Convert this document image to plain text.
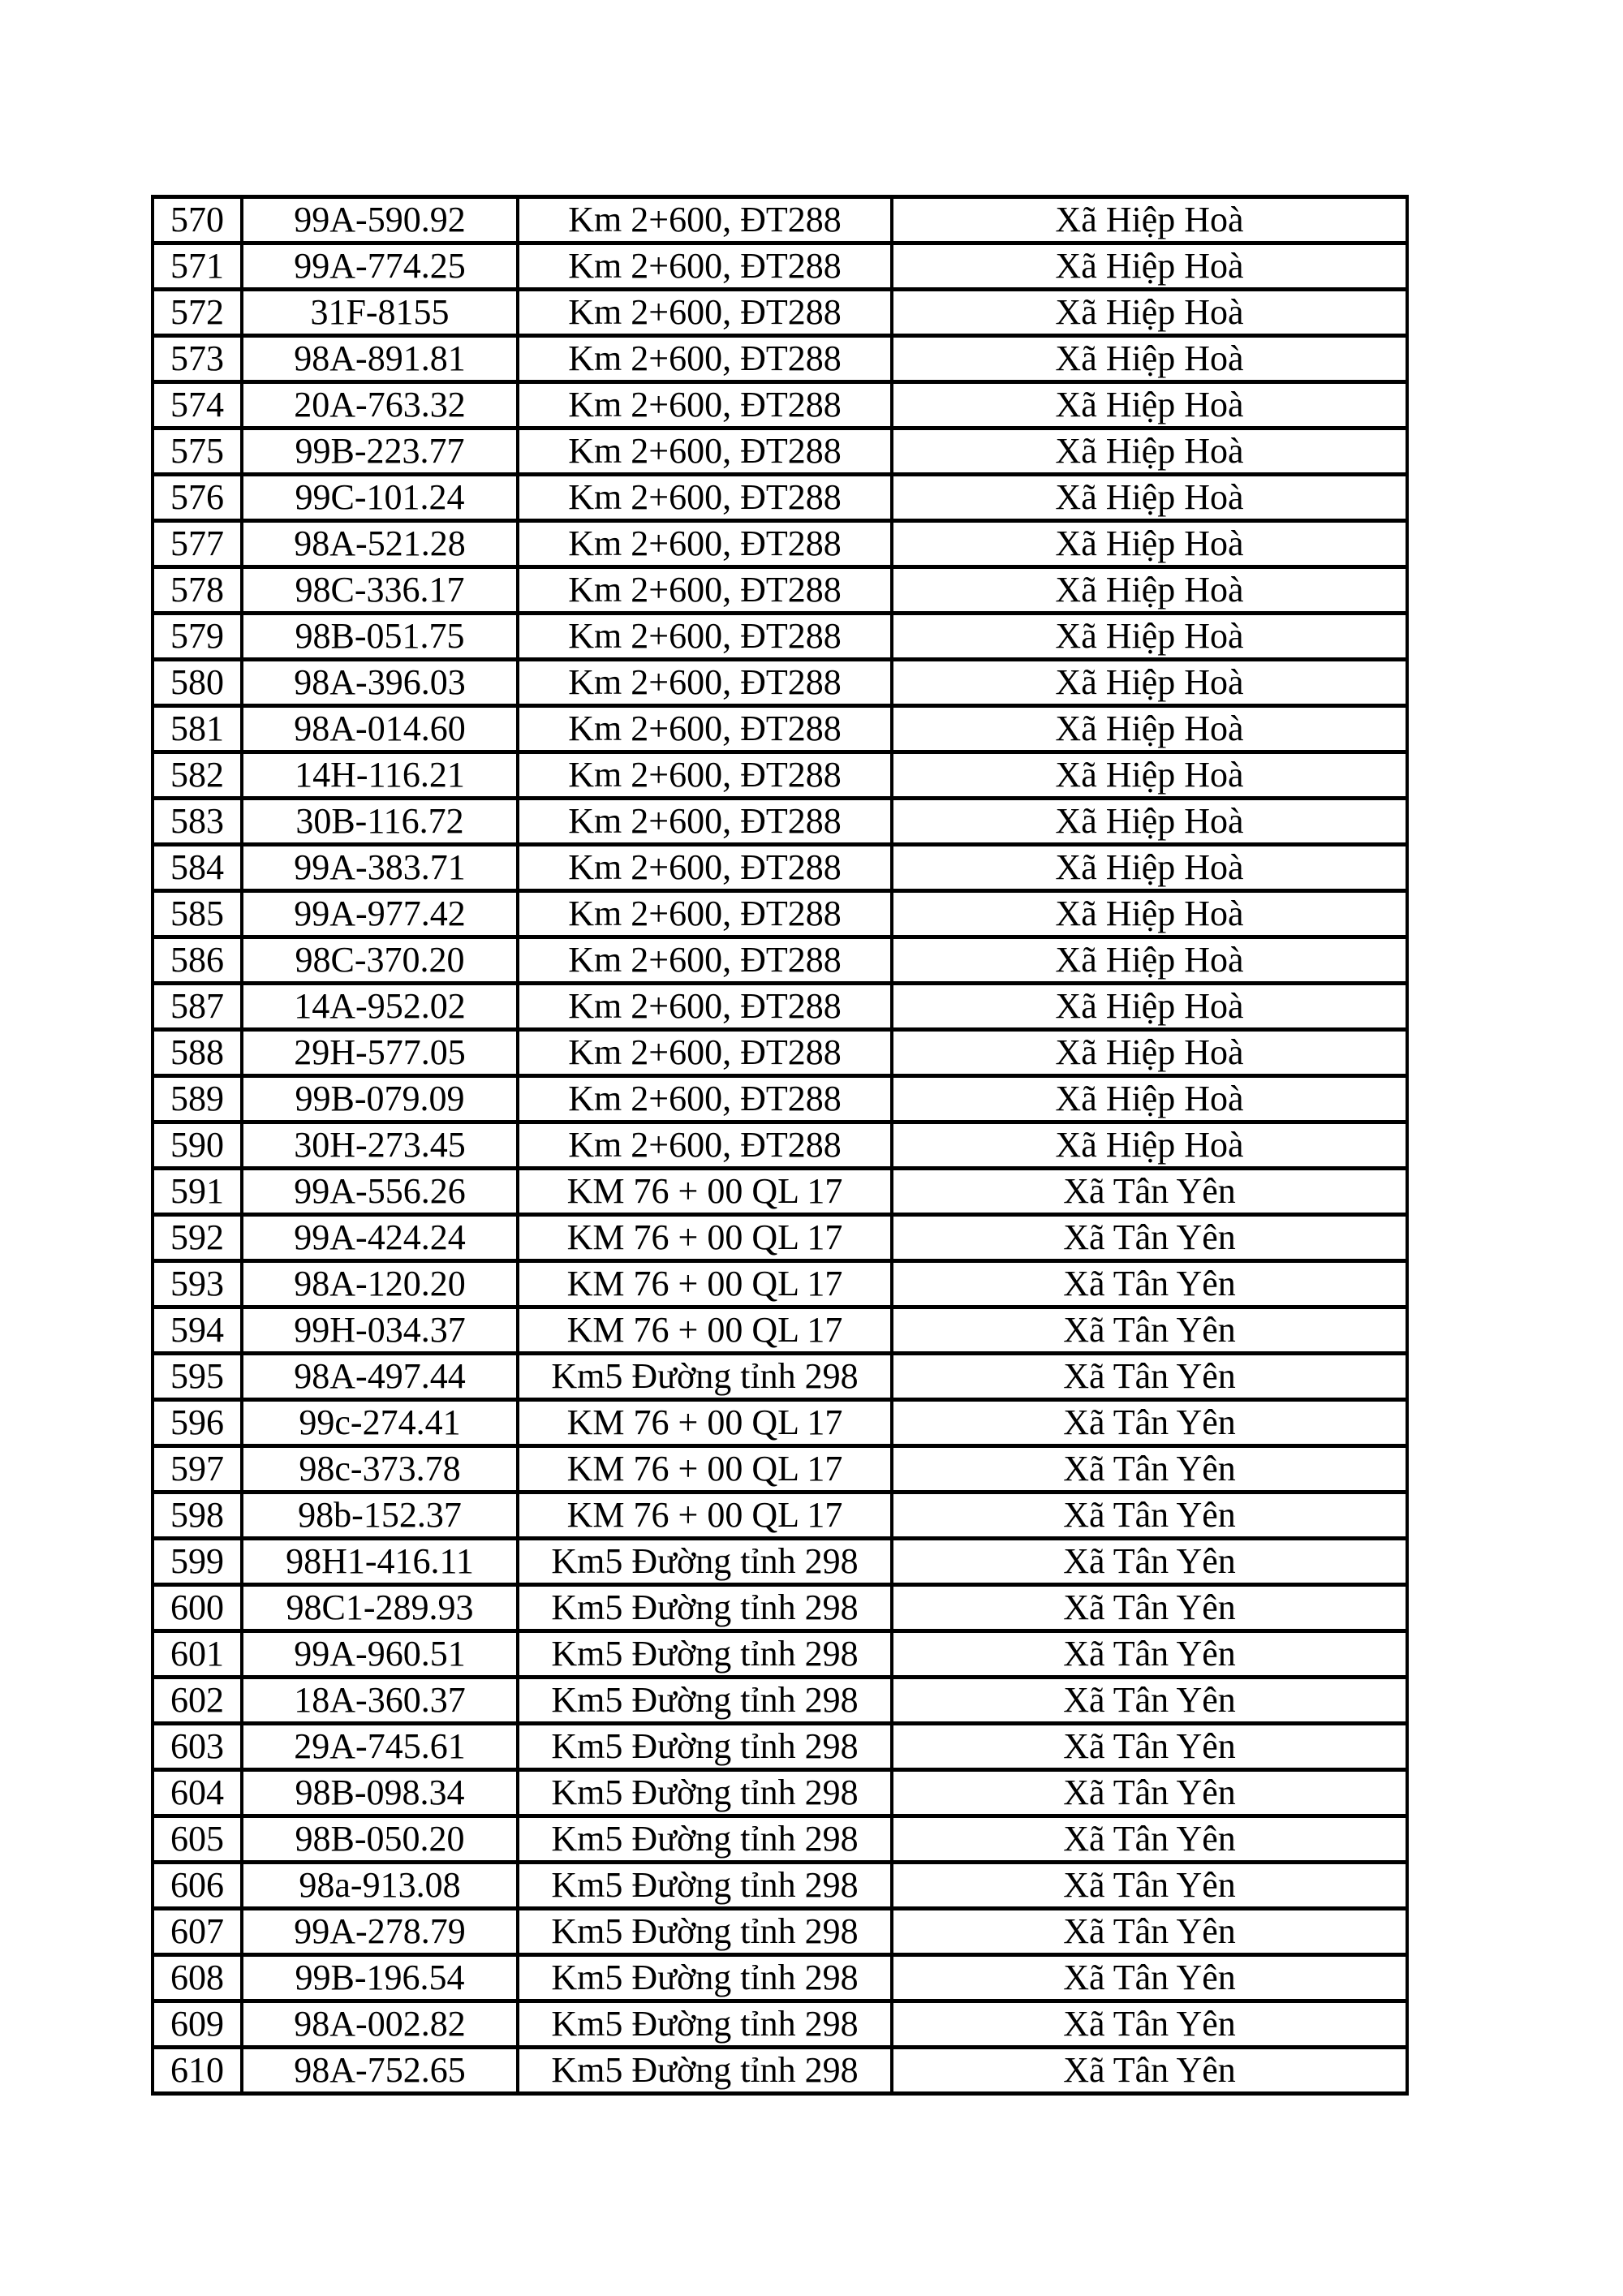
570	99A-590.92	Km 2+600, ĐT288	Xã Hiệp Hoà
571	99A-774.25	Km 2+600, ĐT288	Xã Hiệp Hoà
572	31F-8155	Km 2+600, ĐT288	Xã Hiệp Hoà
573	98A-891.81	Km 2+600, ĐT288	Xã Hiệp Hoà
574	20A-763.32	Km 2+600, ĐT288	Xã Hiệp Hoà
575	99B-223.77	Km 2+600, ĐT288	Xã Hiệp Hoà
576	99C-101.24	Km 2+600, ĐT288	Xã Hiệp Hoà
577	98A-521.28	Km 2+600, ĐT288	Xã Hiệp Hoà
578	98C-336.17	Km 2+600, ĐT288	Xã Hiệp Hoà
579	98B-051.75	Km 2+600, ĐT288	Xã Hiệp Hoà
580	98A-396.03	Km 2+600, ĐT288	Xã Hiệp Hoà
581	98A-014.60	Km 2+600, ĐT288	Xã Hiệp Hoà
582	14H-116.21	Km 2+600, ĐT288	Xã Hiệp Hoà
583	30B-116.72	Km 2+600, ĐT288	Xã Hiệp Hoà
584	99A-383.71	Km 2+600, ĐT288	Xã Hiệp Hoà
585	99A-977.42	Km 2+600, ĐT288	Xã Hiệp Hoà
586	98C-370.20	Km 2+600, ĐT288	Xã Hiệp Hoà
587	14A-952.02	Km 2+600, ĐT288	Xã Hiệp Hoà
588	29H-577.05	Km 2+600, ĐT288	Xã Hiệp Hoà
589	99B-079.09	Km 2+600, ĐT288	Xã Hiệp Hoà
590	30H-273.45	Km 2+600, ĐT288	Xã Hiệp Hoà
591	99A-556.26	KM 76 + 00 QL 17	Xã Tân Yên
592	99A-424.24	KM 76 + 00 QL 17	Xã Tân Yên
593	98A-120.20	KM 76 + 00 QL 17	Xã Tân Yên
594	99H-034.37	KM 76 + 00 QL 17	Xã Tân Yên
595	98A-497.44	Km5 Đường tỉnh 298	Xã Tân Yên
596	99c-274.41	KM 76 + 00 QL 17	Xã Tân Yên
597	98c-373.78	KM 76 + 00 QL 17	Xã Tân Yên
598	98b-152.37	KM 76 + 00 QL 17	Xã Tân Yên
599	98H1-416.11	Km5 Đường tỉnh 298	Xã Tân Yên
600	98C1-289.93	Km5 Đường tỉnh 298	Xã Tân Yên
601	99A-960.51	Km5 Đường tỉnh 298	Xã Tân Yên
602	18A-360.37	Km5 Đường tỉnh 298	Xã Tân Yên
603	29A-745.61	Km5 Đường tỉnh 298	Xã Tân Yên
604	98B-098.34	Km5 Đường tỉnh 298	Xã Tân Yên
605	98B-050.20	Km5 Đường tỉnh 298	Xã Tân Yên
606	98a-913.08	Km5 Đường tỉnh 298	Xã Tân Yên
607	99A-278.79	Km5 Đường tỉnh 298	Xã Tân Yên
608	99B-196.54	Km5 Đường tỉnh 298	Xã Tân Yên
609	98A-002.82	Km5 Đường tỉnh 298	Xã Tân Yên
610	98A-752.65	Km5 Đường tỉnh 298	Xã Tân Yên
